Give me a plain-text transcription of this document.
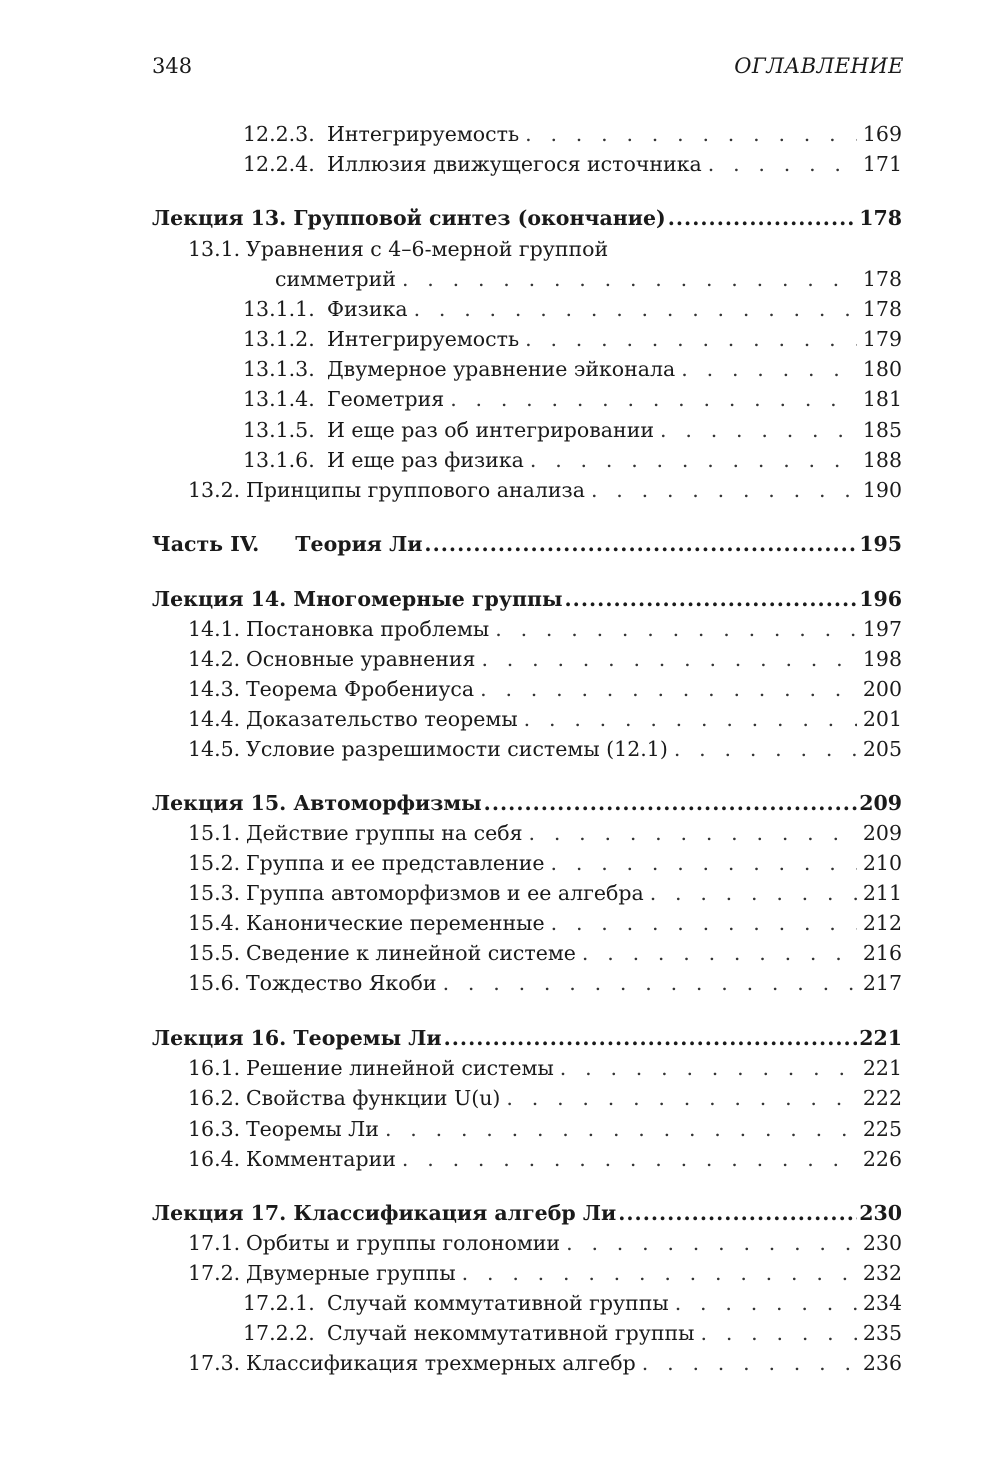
348	ОГЛАВЛЕНИЕ
12.2.3. Интегрируемость . . .	169
12.2.4. Иллюзия движущегося источника . . .	171
Лекция 13. Групповой синтез (окончание) .....	178
13.1. Уравнения с 4–6-мерной группой
симметрий . . .	178
13.1.1. Физика . . .	178
13.1.2. Интегрируемость . . .	179
13.1.3. Двумерное уравнение эйконала . . .	180
13.1.4. Геометрия . . .	181
13.1.5. И еще раз об интегрировании . . .	185
13.1.6. И еще раз физика . . .	188
13.2. Принципы группового анализа . . .	190
Часть IV. Теория Ли .....	195
Лекция 14. Многомерные группы .....	196
14.1. Постановка проблемы . . .	197
14.2. Основные уравнения . . .	198
14.3. Теорема Фробениуса . . .	200
14.4. Доказательство теоремы . . .	201
14.5. Условие разрешимости системы (12.1) . . .	205
Лекция 15. Автоморфизмы .....	209
15.1. Действие группы на себя . . .	209
15.2. Группа и ее представление . . .	210
15.3. Группа автоморфизмов и ее алгебра . . .	211
15.4. Канонические переменные . . .	212
15.5. Сведение к линейной системе . . .	216
15.6. Тождество Якоби . . .	217
Лекция 16. Теоремы Ли .....	221
16.1. Решение линейной системы . . .	221
16.2. Свойства функции U(u) . . .	222
16.3. Теоремы Ли . . .	225
16.4. Комментарии . . .	226
Лекция 17. Классификация алгебр Ли .....	230
17.1. Орбиты и группы голономии . . .	230
17.2. Двумерные группы . . .	232
17.2.1. Случай коммутативной группы . . .	234
17.2.2. Случай некоммутативной группы . . .	235
17.3. Классификация трехмерных алгебр . . .	236
